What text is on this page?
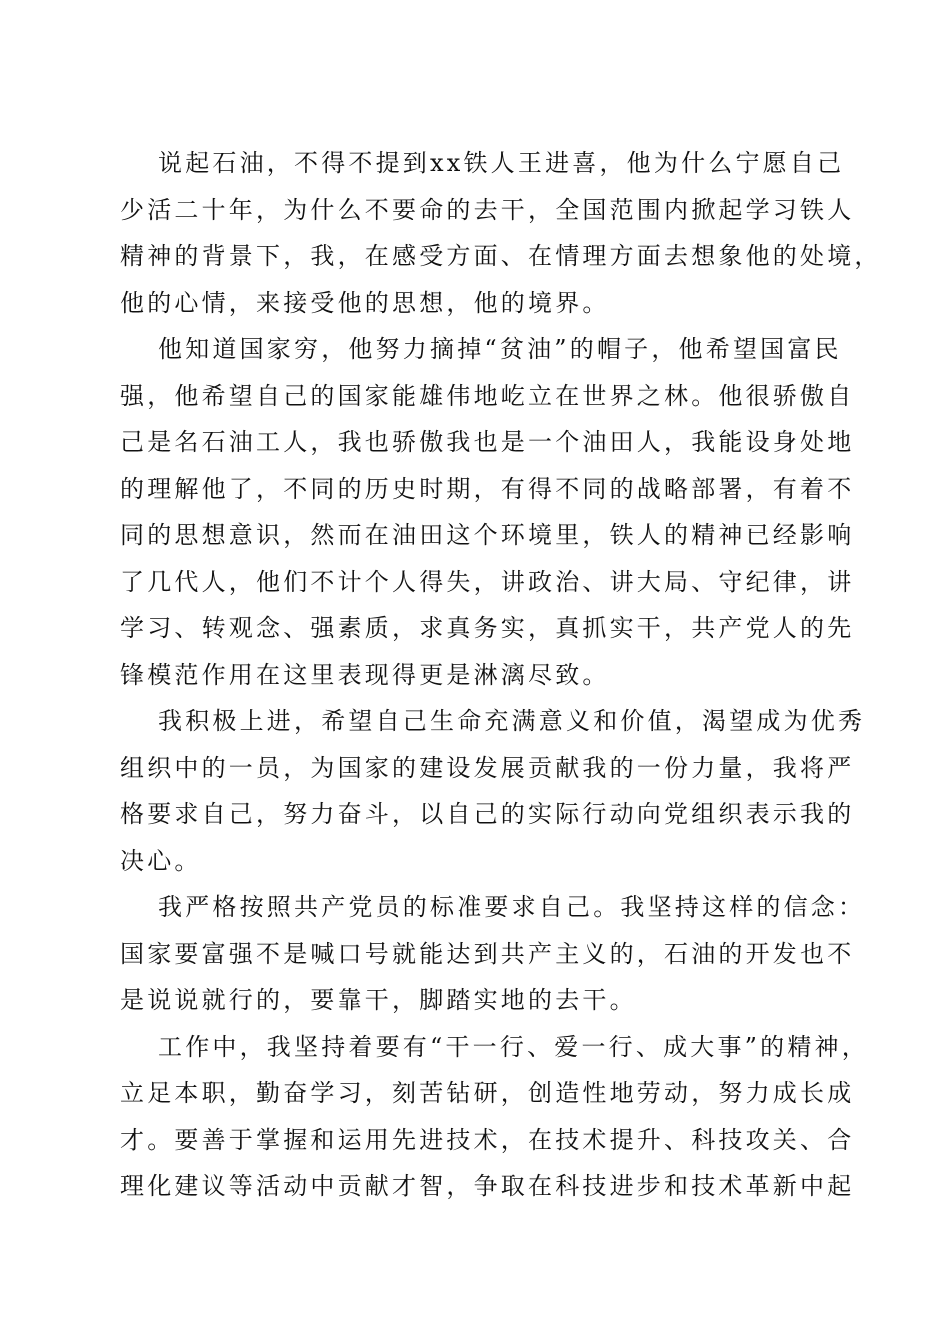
说起石油，不得不提到xx铁人王进喜，他为什么宁愿自己
少活二十年，为什么不要命的去干，全国范围内掀起学习铁人
精神的背景下，我，在感受方面、在情理方面去想象他的处境，
他的心情，来接受他的思想，他的境界。
他知道国家穷，他努力摘掉“贫油”的帽子，他希望国富民
强，他希望自己的国家能雄伟地屹立在世界之林。他很骄傲自
己是名石油工人，我也骄傲我也是一个油田人，我能设身处地
的理解他了，不同的历史时期，有得不同的战略部署，有着不
同的思想意识，然而在油田这个环境里，铁人的精神已经影响
了几代人，他们不计个人得失，讲政治、讲大局、守纪律，讲
学习、转观念、强素质，求真务实，真抓实干，共产党人的先
锋模范作用在这里表现得更是淋漓尽致。
我积极上进，希望自己生命充满意义和价值，渴望成为优秀
组织中的一员，为国家的建设发展贡献我的一份力量，我将严
格要求自己，努力奋斗，以自己的实际行动向党组织表示我的
决心。
我严格按照共产党员的标准要求自己。我坚持这样的信念：
国家要富强不是喊口号就能达到共产主义的，石油的开发也不
是说说就行的，要靠干，脚踏实地的去干。
工作中，我坚持着要有“干一行、爱一行、成大事”的精神，
立足本职，勤奋学习，刻苦钻研，创造性地劳动，努力成长成
才。要善于掌握和运用先进技术，在技术提升、科技攻关、合
理化建议等活动中贡献才智，争取在科技进步和技术革新中起
